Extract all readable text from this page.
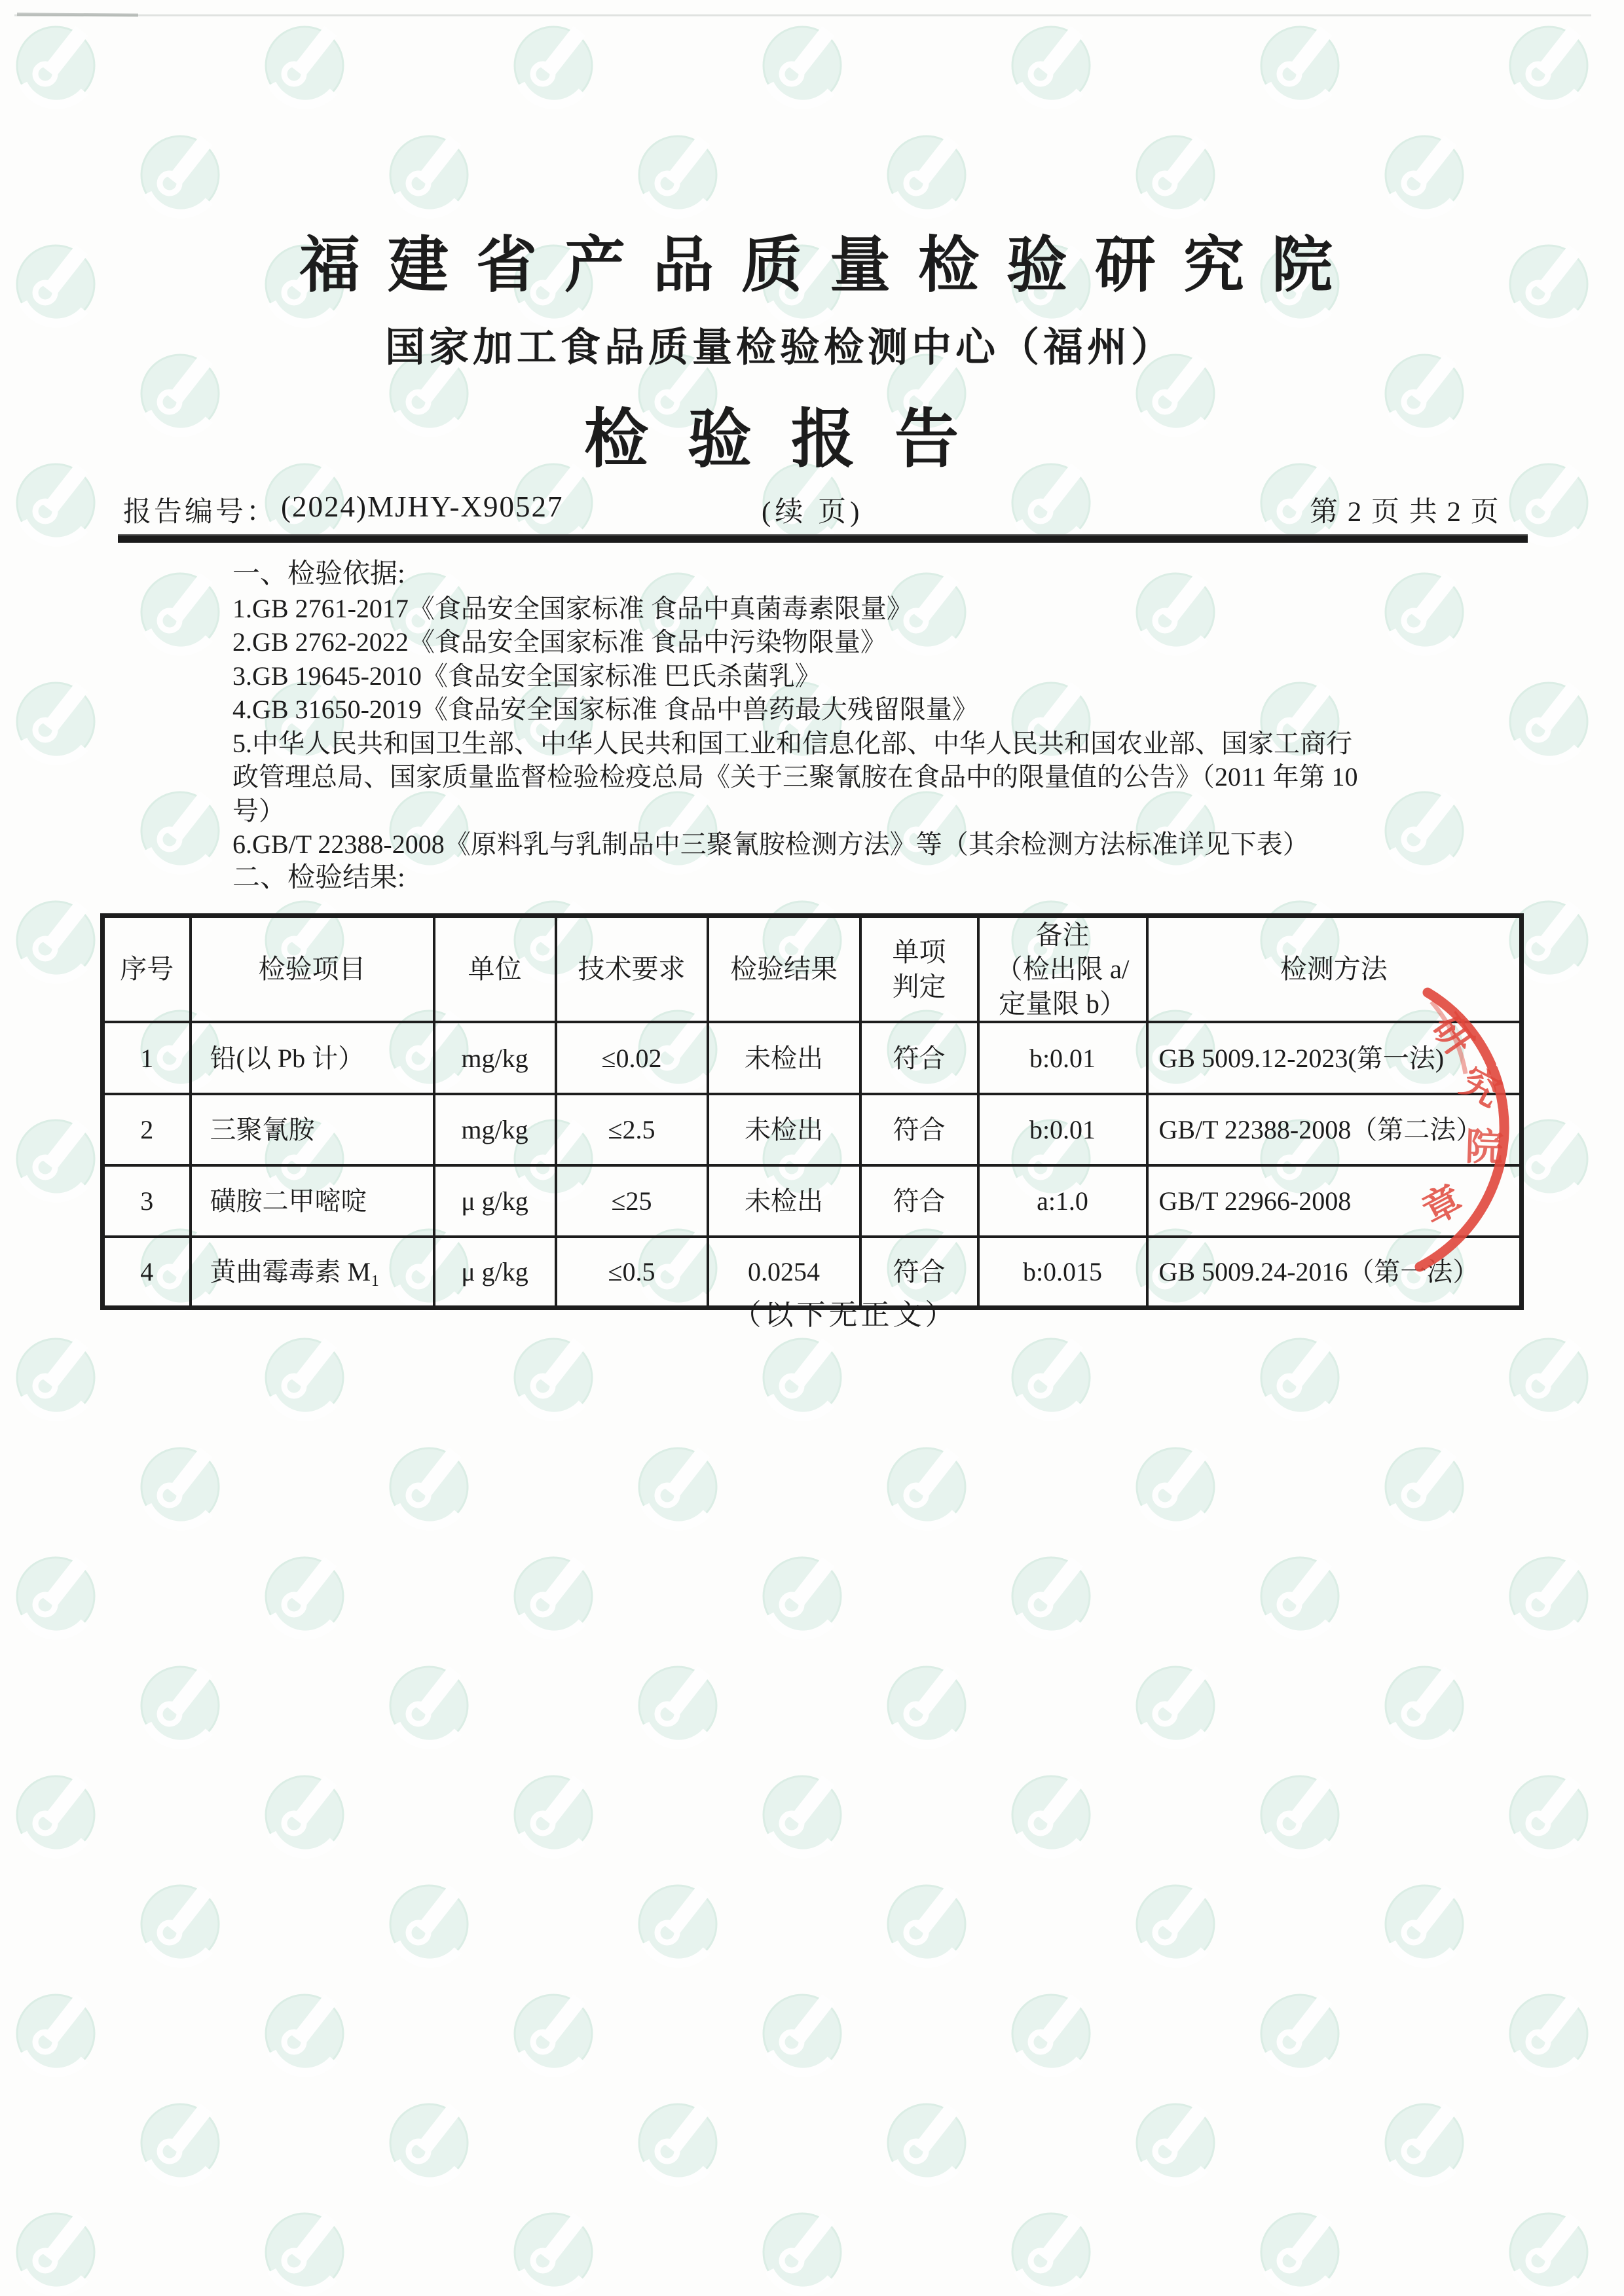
福建省产品质量检验研究院
国家加工食品质量检验检测中心（福州）
检验报告
报告编号： (2024)MJHY-X90527	(续 页)	第 2 页 共 2 页
一、检验依据:
1.GB 2761-2017《食品安全国家标准 食品中真菌毒素限量》
2.GB 2762-2022《食品安全国家标准 食品中污染物限量》
3.GB 19645-2010《食品安全国家标准 巴氏杀菌乳》
4.GB 31650-2019《食品安全国家标准 食品中兽药最大残留限量》
5.中华人民共和国卫生部、中华人民共和国工业和信息化部、中华人民共和国农业部、国家工商行
政管理总局、国家质量监督检验检疫总局《关于三聚氰胺在食品中的限量值的公告》（2011 年第 10
号）
6.GB/T 22388-2008《原料乳与乳制品中三聚氰胺检测方法》等（其余检测方法标准详见下表）
二、检验结果:
序号	检验项目	单位	技术要求	检验结果	单项
判定	备注
（检出限 a/
定量限 b）	检测方法

1	铅(以 Pb 计）	mg/kg	≤0.02	未检出	符合	b:0.01	GB 5009.12-2023(第一法)
2	三聚氰胺	mg/kg	≤2.5	未检出	符合	b:0.01	GB/T 22388-2008（第二法）
3	磺胺二甲嘧啶	μ g/kg	≤25	未检出	符合	a:1.0	GB/T 22966-2008
4	黄曲霉毒素 M₁	μ g/kg	≤0.5	0.0254	符合	b:0.015	GB 5009.24-2016（第一法）
（以下无正文）
研
究
院
章
